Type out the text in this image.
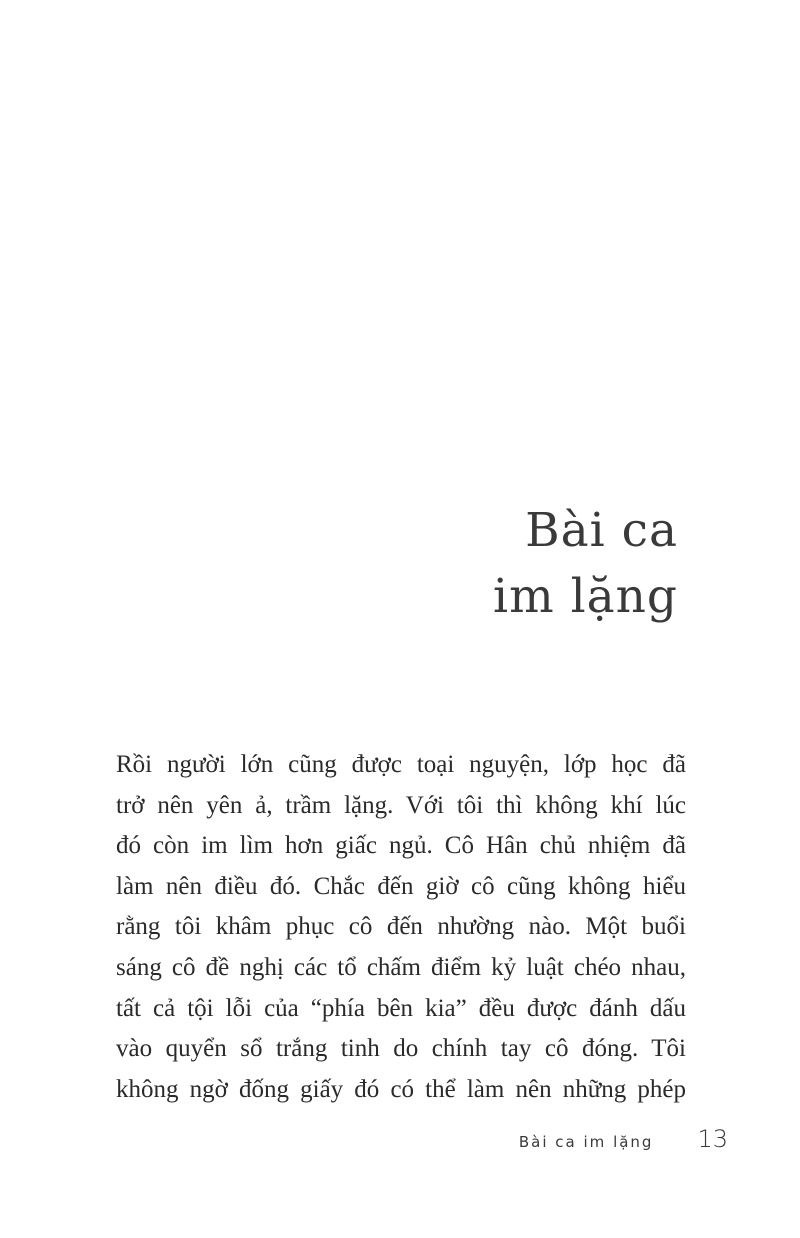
Bài ca
im lặng

Rồi người lớn cũng được toại nguyện, lớp học đã
trở nên yên ả, trầm lặng. Với tôi thì không khí lúc
đó còn im lìm hơn giấc ngủ. Cô Hân chủ nhiệm đã
làm nên điều đó. Chắc đến giờ cô cũng không hiểu
rằng tôi khâm phục cô đến nhường nào. Một buổi
sáng cô đề nghị các tổ chấm điểm kỷ luật chéo nhau,
tất cả tội lỗi của “phía bên kia” đều được đánh dấu
vào quyển sổ trắng tinh do chính tay cô đóng. Tôi
không ngờ đống giấy đó có thể làm nên những phép

Bài ca im lặng 13
